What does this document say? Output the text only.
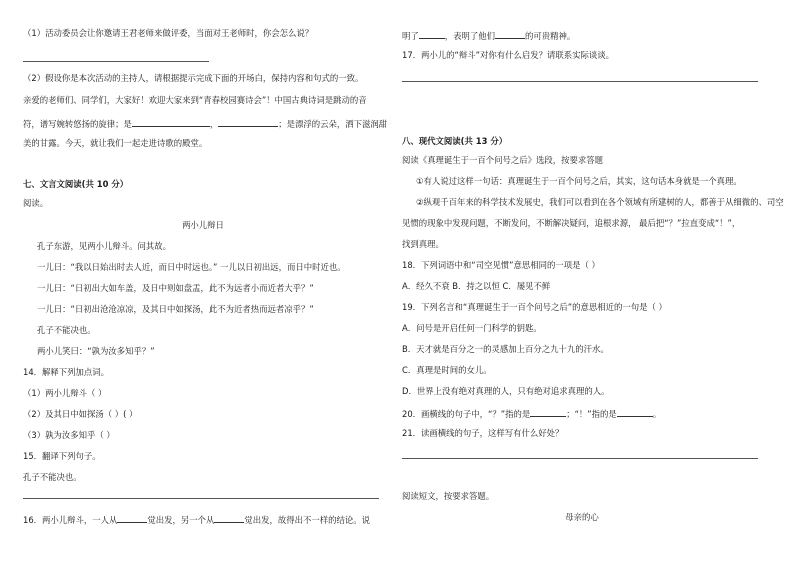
（1）活动委员会让你邀请王君老师来做评委，当面对王老师时，你会怎么说？
（2）假设你是本次活动的主持人，请根据提示完成下面的开场白，保持内容和句式的一致。
亲爱的老师们、同学们，大家好！欢迎大家来到“青春校园赛诗会”！中国古典诗词是跳动的音
符，谱写婉转悠扬的旋律；是	，	；是漂浮的云朵，洒下滋润甜
美的甘露。今天，就让我们一起走进诗歌的殿堂。
七、文言文阅读(共 10 分）
阅读。
两小儿辩日
孔子东游，见两小儿辩斗。问其故。
一儿曰：“我以日始出时去人近，而日中时远也。” 一儿以日初出远，而日中时近也。
一儿曰：“日初出大如车盖，及日中则如盘盂，此不为远者小而近者大乎？”
一儿曰：“日初出沧沧凉凉，及其日中如探汤，此不为近者热而远者凉乎？”
孔子不能决也。
两小儿笑曰：“孰为汝多知乎？”
14．解释下列加点词。
（1）两小儿辩斗（ ）
（2）及其日中如探汤（ ）( ）
（3）孰为汝多知乎（ ）
15．翻译下列句子。
孔子不能决也。
16．两小儿辩斗，一人从	觉出发，另一个从	觉出发，故得出不一样的结论。说
明了	，表明了他们	的可贵精神。
17．两小儿的“辩斗”对你有什么启发？请联系实际谈谈。
八、现代文阅读(共 13 分）
阅读《真理诞生于一百个问号之后》选段，按要求答题
①有人说过这样一句话：真理诞生于一百个问号之后，其实，这句话本身就是一个真理。
②纵观千百年来的科学技术发展史，我们可以看到在各个领域有所建树的人，都善于从细微的、司空
见惯的现象中发现问题，不断发问，不断解决疑问，追根求源， 最后把“？”拉直变成“！”，
找到真理。
18．下列词语中和“司空见惯”意思相同的一项是（ ）
A．经久不衰 B．持之以恒 C．屡见不鲜
19．下列名言和“真理诞生于一百个问号之后”的意思相近的一句是（ ）
A．问号是开启任何一门科学的钥匙。
B．天才就是百分之一的灵感加上百分之九十九的汗水。
C．真理是时间的女儿。
D．世界上没有绝对真理的人，只有绝对追求真理的人。
20．画横线的句子中，“？”指的是	；“！”指的是	。
21．读画横线的句子，这样写有什么好处？
阅读短文，按要求答题。
母亲的心
